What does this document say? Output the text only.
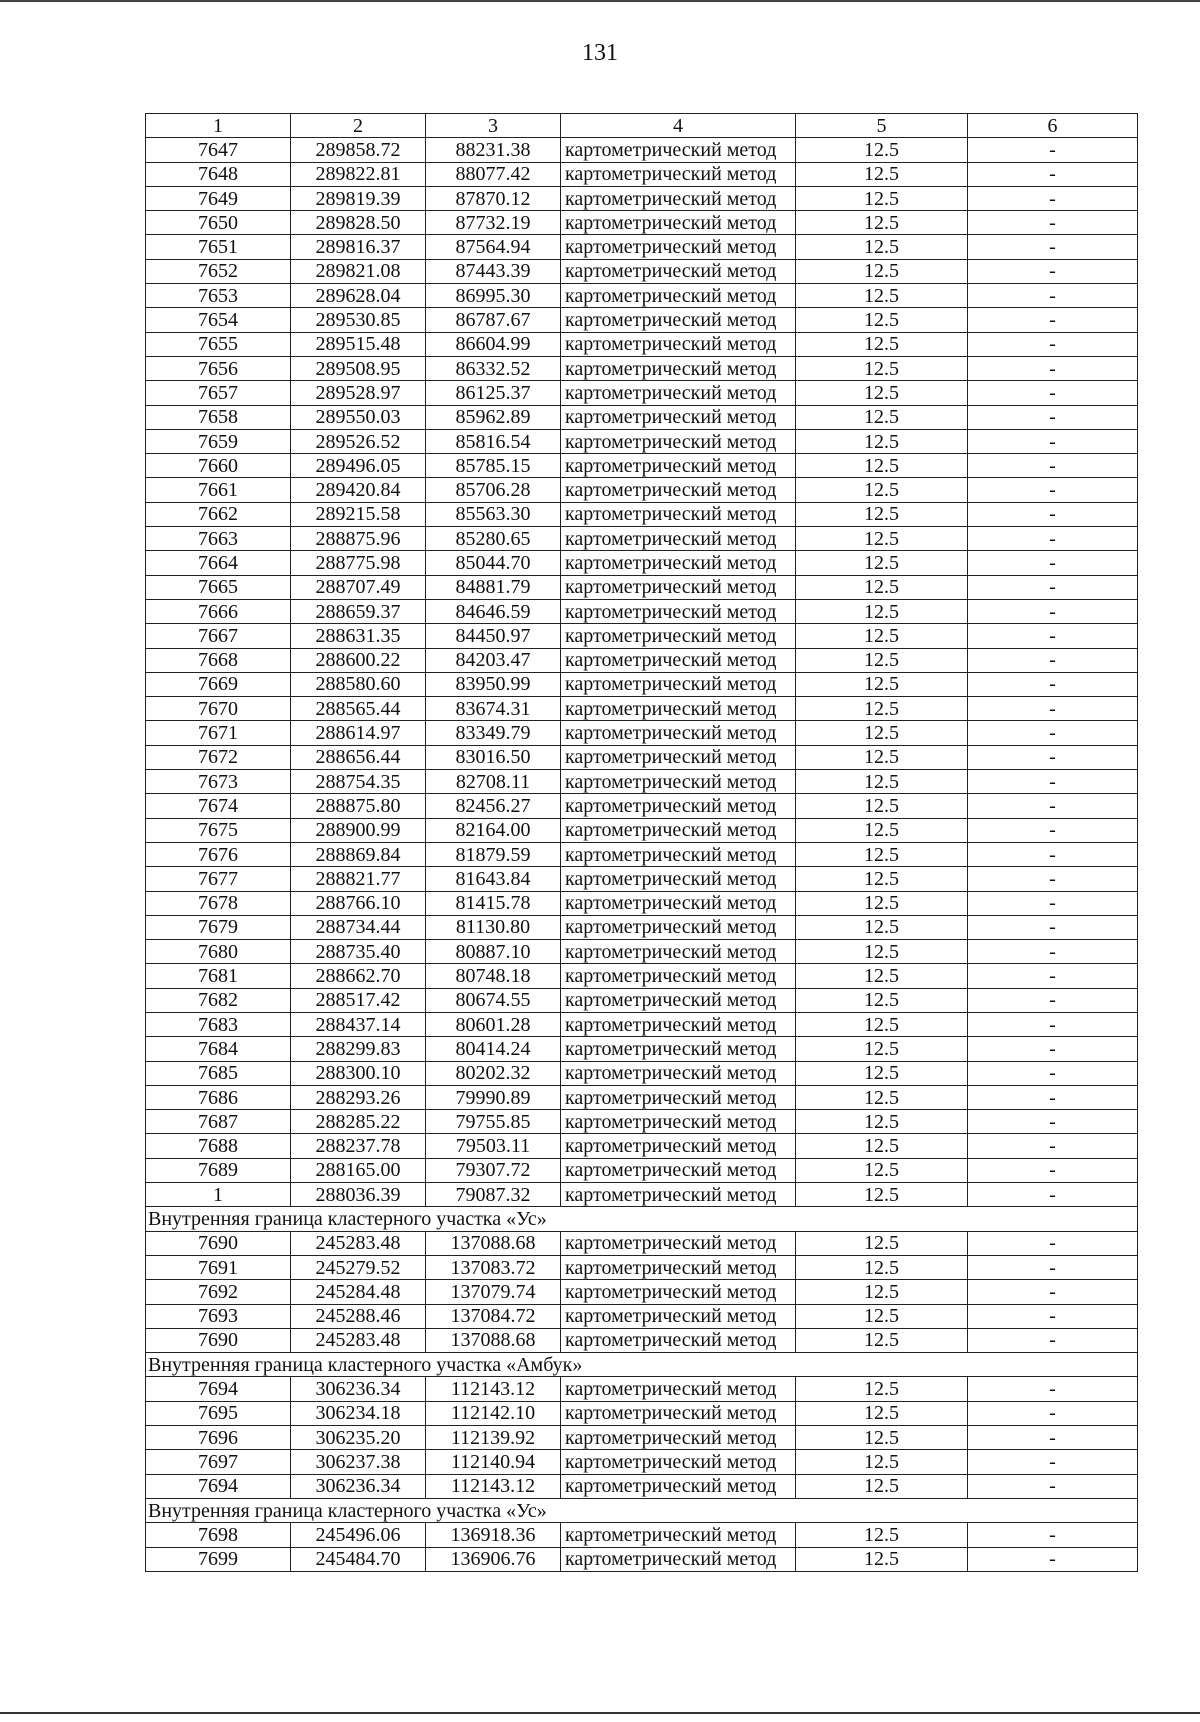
131
1	2	3	4	5	6
7647	289858.72	88231.38	картометрический метод	12.5	-
7648	289822.81	88077.42	картометрический метод	12.5	-
7649	289819.39	87870.12	картометрический метод	12.5	-
7650	289828.50	87732.19	картометрический метод	12.5	-
7651	289816.37	87564.94	картометрический метод	12.5	-
7652	289821.08	87443.39	картометрический метод	12.5	-
7653	289628.04	86995.30	картометрический метод	12.5	-
7654	289530.85	86787.67	картометрический метод	12.5	-
7655	289515.48	86604.99	картометрический метод	12.5	-
7656	289508.95	86332.52	картометрический метод	12.5	-
7657	289528.97	86125.37	картометрический метод	12.5	-
7658	289550.03	85962.89	картометрический метод	12.5	-
7659	289526.52	85816.54	картометрический метод	12.5	-
7660	289496.05	85785.15	картометрический метод	12.5	-
7661	289420.84	85706.28	картометрический метод	12.5	-
7662	289215.58	85563.30	картометрический метод	12.5	-
7663	288875.96	85280.65	картометрический метод	12.5	-
7664	288775.98	85044.70	картометрический метод	12.5	-
7665	288707.49	84881.79	картометрический метод	12.5	-
7666	288659.37	84646.59	картометрический метод	12.5	-
7667	288631.35	84450.97	картометрический метод	12.5	-
7668	288600.22	84203.47	картометрический метод	12.5	-
7669	288580.60	83950.99	картометрический метод	12.5	-
7670	288565.44	83674.31	картометрический метод	12.5	-
7671	288614.97	83349.79	картометрический метод	12.5	-
7672	288656.44	83016.50	картометрический метод	12.5	-
7673	288754.35	82708.11	картометрический метод	12.5	-
7674	288875.80	82456.27	картометрический метод	12.5	-
7675	288900.99	82164.00	картометрический метод	12.5	-
7676	288869.84	81879.59	картометрический метод	12.5	-
7677	288821.77	81643.84	картометрический метод	12.5	-
7678	288766.10	81415.78	картометрический метод	12.5	-
7679	288734.44	81130.80	картометрический метод	12.5	-
7680	288735.40	80887.10	картометрический метод	12.5	-
7681	288662.70	80748.18	картометрический метод	12.5	-
7682	288517.42	80674.55	картометрический метод	12.5	-
7683	288437.14	80601.28	картометрический метод	12.5	-
7684	288299.83	80414.24	картометрический метод	12.5	-
7685	288300.10	80202.32	картометрический метод	12.5	-
7686	288293.26	79990.89	картометрический метод	12.5	-
7687	288285.22	79755.85	картометрический метод	12.5	-
7688	288237.78	79503.11	картометрический метод	12.5	-
7689	288165.00	79307.72	картометрический метод	12.5	-
1	288036.39	79087.32	картометрический метод	12.5	-
Внутренняя граница кластерного участка «Ус»					
7690	245283.48	137088.68	картометрический метод	12.5	-
7691	245279.52	137083.72	картометрический метод	12.5	-
7692	245284.48	137079.74	картометрический метод	12.5	-
7693	245288.46	137084.72	картометрический метод	12.5	-
7690	245283.48	137088.68	картометрический метод	12.5	-
Внутренняя граница кластерного участка «Амбук»					
7694	306236.34	112143.12	картометрический метод	12.5	-
7695	306234.18	112142.10	картометрический метод	12.5	-
7696	306235.20	112139.92	картометрический метод	12.5	-
7697	306237.38	112140.94	картометрический метод	12.5	-
7694	306236.34	112143.12	картометрический метод	12.5	-
Внутренняя граница кластерного участка «Ус»					
7698	245496.06	136918.36	картометрический метод	12.5	-
7699	245484.70	136906.76	картометрический метод	12.5	-
